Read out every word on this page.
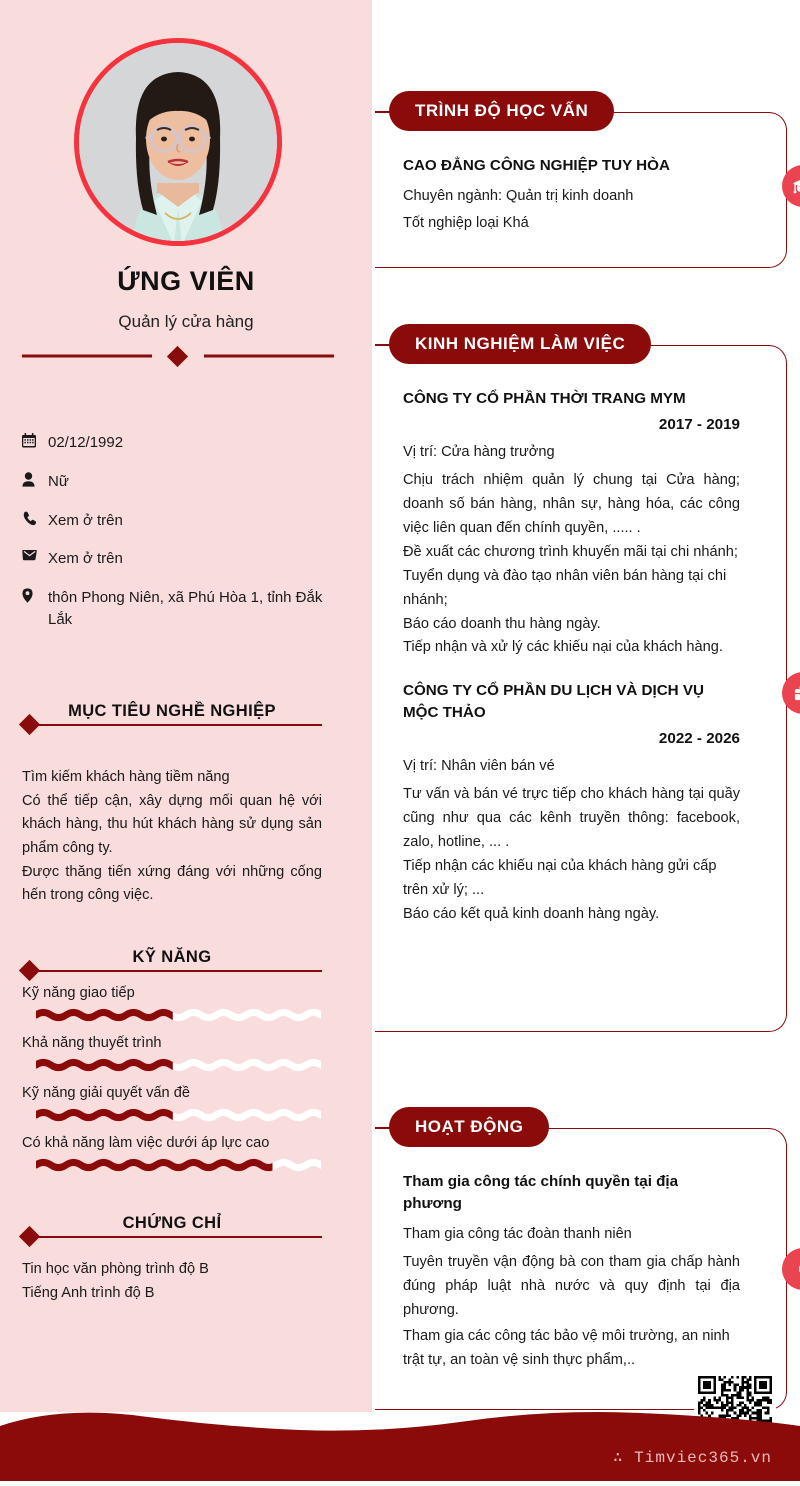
ỨNG VIÊN
Quản lý cửa hàng
02/12/1992
Nữ
Xem ở trên
Xem ở trên
thôn Phong Niên, xã Phú Hòa 1, tỉnh Đắk Lắk
MỤC TIÊU NGHỀ NGHIỆP
Tìm kiếm khách hàng tiềm năng
Có thể tiếp cận, xây dựng mối quan hệ với khách hàng, thu hút khách hàng sử dụng sản phẩm công ty.
Được thăng tiến xứng đáng với những cống hến trong công việc.
KỸ NĂNG
Kỹ năng giao tiếp
Khả năng thuyết trình
Kỹ năng giải quyết vấn đề
Có khả năng làm việc dưới áp lực cao
CHỨNG CHỈ
Tin học văn phòng trình độ B
Tiếng Anh trình độ B
TRÌNH ĐỘ HỌC VẤN
CAO ĐẲNG CÔNG NGHIỆP TUY HÒA
Chuyên ngành: Quản trị kinh doanh
Tốt nghiệp loại Khá
KINH NGHIỆM LÀM VIỆC
CÔNG TY CỔ PHẦN THỜI TRANG MYM
2017 - 2019
Vị trí: Cửa hàng trưởng
Chịu trách nhiệm quản lý chung tại Cửa hàng; doanh số bán hàng, nhân sự, hàng hóa, các công việc liên quan đến chính quyền, ..... .
Đề xuất các chương trình khuyến mãi tại chi nhánh;
Tuyển dụng và đào tạo nhân viên bán hàng tại chi nhánh;
Báo cáo doanh thu hàng ngày.
Tiếp nhận và xử lý các khiếu nại của khách hàng.
CÔNG TY CỔ PHẦN DU LỊCH VÀ DỊCH VỤ MỘC THẢO
2022 - 2026
Vị trí: Nhân viên bán vé
Tư vấn và bán vé trực tiếp cho khách hàng tại quầy cũng như qua các kênh truyền thông: facebook, zalo, hotline, ... .
Tiếp nhận các khiếu nại của khách hàng gửi cấp trên xử lý; ...
Báo cáo kết quả kinh doanh hàng ngày.
HOẠT ĐỘNG
Tham gia công tác chính quyền tại địa phương
Tham gia công tác đoàn thanh niên
Tuyên truyền vận động bà con tham gia chấp hành đúng pháp luật nhà nước và quy định tại địa phương.
Tham gia các công tác bảo vệ môi trường, an ninh trật tự, an toàn vệ sinh thực phẩm,..
∴ Timviec365.vn
